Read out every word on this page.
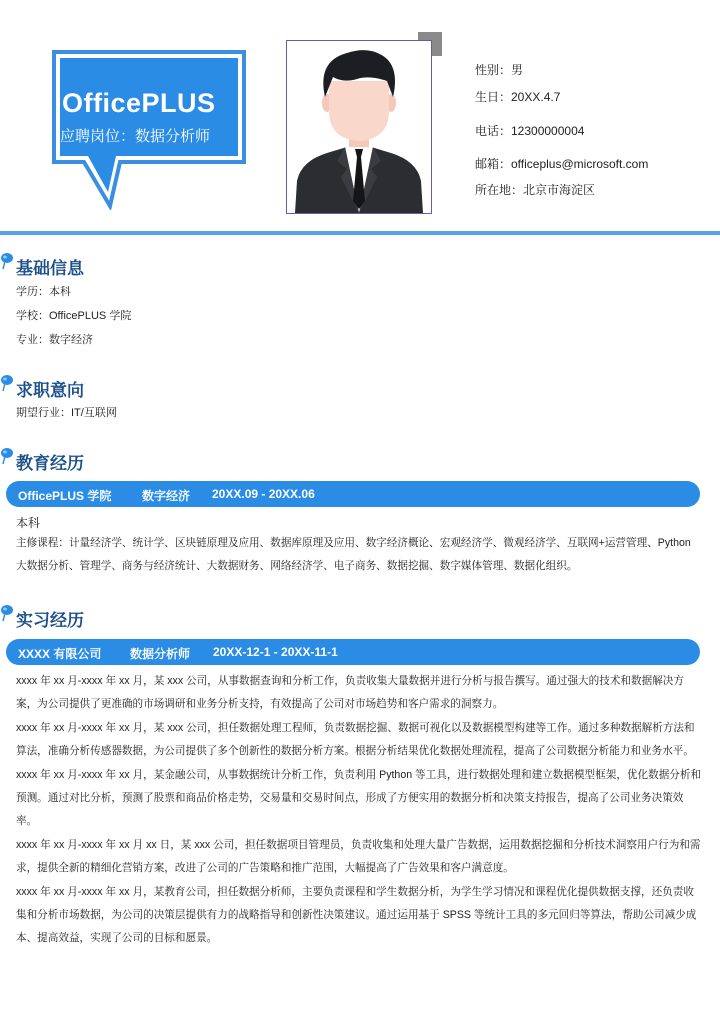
OfficePLUS
应聘岗位：数据分析师
性别：男
生日：20XX.4.7
电话：12300000004
邮箱：officeplus@microsoft.com
所在地：北京市海淀区
基础信息
学历：本科
学校：OfficePLUS 学院
专业：数字经济
求职意向
期望行业：IT/互联网
教育经历
OfficePLUS 学院	数字经济 20XX.09 - 20XX.06
本科

主修课程：计量经济学、统计学、区块链原理及应用、数据库原理及应用、数字经济概论、宏观经济学、微观经济学、互联网+运营管理、Python 大数据分析、管理学、商务与经济统计、大数据财务、网络经济学、电子商务、数据挖掘、数字媒体管理、数据化组织。

实习经历
XXXX 有限公司 数据分析师 20XX-12-1 - 20XX-11-1

xxxx 年 xx 月-xxxx 年 xx 月，某 xxx 公司，从事数据查询和分析工作，负责收集大量数据并进行分析与报告撰写。通过强大的技术和数据解决方案，为公司提供了更准确的市场调研和业务分析支持，有效提高了公司对市场趋势和客户需求的洞察力。

xxxx 年 xx 月-xxxx 年 xx 月，某 xxx 公司，担任数据处理工程师，负责数据挖掘、数据可视化以及数据模型构建等工作。通过多种数据解析方法和算法，准确分析传感器数据，为公司提供了多个创新性的数据分析方案。根据分析结果优化数据处理流程，提高了公司数据分析能力和业务水平。

xxxx 年 xx 月-xxxx 年 xx 月，某金融公司，从事数据统计分析工作，负责利用 Python 等工具，进行数据处理和建立数据模型框架，优化数据分析和预测。通过对比分析，预测了股票和商品价格走势，交易量和交易时间点，形成了方便实用的数据分析和决策支持报告，提高了公司业务决策效率。

xxxx 年 xx 月-xxxx 年 xx 月 xx 日，某 xxx 公司，担任数据项目管理员，负责收集和处理大量广告数据，运用数据挖掘和分析技术洞察用户行为和需求，提供全新的精细化营销方案，改进了公司的广告策略和推广范围，大幅提高了广告效果和客户满意度。

xxxx 年 xx 月-xxxx 年 xx 月，某教育公司，担任数据分析师，主要负责课程和学生数据分析，为学生学习情况和课程优化提供数据支撑，还负责收集和分析市场数据，为公司的决策层提供有力的战略指导和创新性决策建议。通过运用基于 SPSS 等统计工具的多元回归等算法，帮助公司减少成本、提高效益，实现了公司的目标和愿景。
